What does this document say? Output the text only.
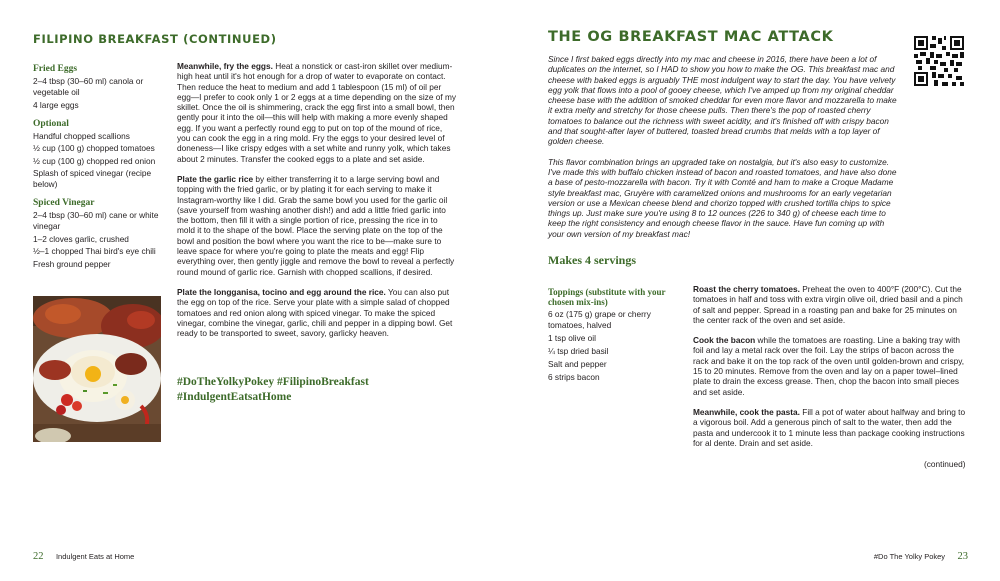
FILIPINO BREAKFAST (CONTINUED)

Fried Eggs

2–4 tbsp (30–60 ml) canola or vegetable oil

4 large eggs

Optional

Handful chopped scallions

½ cup (100 g) chopped tomatoes

½ cup (100 g) chopped red onion

Splash of spiced vinegar (recipe below)

Spiced Vinegar

2–4 tbsp (30–60 ml) cane or white vinegar

1–2 cloves garlic, crushed

½–1 chopped Thai bird's eye chili

Fresh ground pepper

Meanwhile, fry the eggs. Heat a nonstick or cast-iron skillet over medium-high heat until it's hot enough for a drop of water to evaporate on contact. Then reduce the heat to medium and add 1 tablespoon (15 ml) of oil per egg—I prefer to cook only 1 or 2 eggs at a time depending on the size of my skillet. Once the oil is shimmering, crack the egg first into a small bowl, then gently pour it into the oil—this will help with making a more evenly shaped egg. If you want a perfectly round egg to put on top of the mound of rice, you can cook the egg in a ring mold. Fry the eggs to your desired level of doneness—I like crispy edges with a set white and runny yolk, which takes about 2 minutes. Transfer the cooked eggs to a plate and set aside.

Plate the garlic rice by either transferring it to a large serving bowl and topping with the fried garlic, or by plating it for each serving to make it Instagram-worthy like I did. Grab the same bowl you used for the garlic oil (save yourself from washing another dish!) and add a little fried garlic into the bottom, then fill it with a single portion of rice, pressing the rice in to mold it to the shape of the bowl. Place the serving plate on the top of the bowl and position the bowl where you want the rice to be—make sure to leave space for where you're going to plate the meats and egg! Flip everything over, then gently jiggle and remove the bowl to reveal a perfectly round mound of garlic rice. Garnish with chopped scallions, if desired.

Plate the longganisa, tocino and egg around the rice. You can also put the egg on top of the rice. Serve your plate with a simple salad of chopped tomatoes and red onion along with spiced vinegar. To make the spiced vinegar, combine the vinegar, garlic, chili and pepper in a dipping bowl. Get ready to be transported to sweet, savory, garlicky heaven.

#DoTheYolkyPokey #FilipinoBreakfast
#IndulgentEatsatHome
22 Indulgent Eats at Home
THE OG BREAKFAST MAC ATTACK

Since I first baked eggs directly into my mac and cheese in 2016, there have been a lot of duplicates on the internet, so I HAD to show you how to make the OG. This breakfast mac and cheese with baked eggs is arguably THE most indulgent way to start the day. You have velvety egg yolk that flows into a pool of gooey cheese, which I've amped up from my original cheddar cheese base with the addition of smoked cheddar for even more flavor and mozzarella to make it extra melty and stretchy for those cheese pulls. Then there's the pop of roasted cherry tomatoes to balance out the richness with sweet acidity, and it's finished off with crispy bacon and that sought-after layer of buttered, toasted bread crumbs that melds with a top layer of golden cheese.

This flavor combination brings an upgraded take on nostalgia, but it's also easy to customize. I've made this with buffalo chicken instead of bacon and roasted tomatoes, and have also done a base of pesto-mozzarella with bacon. Try it with Comté and ham to make a Croque Madame style breakfast mac, Gruyère with caramelized onions and mushrooms for an early vegetarian version or use a Mexican cheese blend and chorizo topped with crushed tortilla chips to spice things up. Just make sure you're using 8 to 12 ounces (226 to 340 g) of cheese each time to keep the right consistency and enough cheese flavor in the sauce. Have fun coming up with your own version of my breakfast mac!

Makes 4 servings

Toppings (substitute with your chosen mix-ins)

6 oz (175 g) grape or cherry tomatoes, halved

1 tsp olive oil

¼ tsp dried basil

Salt and pepper

6 strips bacon

Roast the cherry tomatoes. Preheat the oven to 400°F (200°C). Cut the tomatoes in half and toss with extra virgin olive oil, dried basil and a pinch of salt and pepper. Spread in a roasting pan and bake for 25 minutes on the center rack of the oven and set aside.

Cook the bacon while the tomatoes are roasting. Line a baking tray with foil and lay a metal rack over the foil. Lay the strips of bacon across the rack and bake it on the top rack of the oven until golden-brown and crispy, 15 to 20 minutes. Remove from the oven and lay on a paper towel–lined plate to drain the excess grease. Then, chop the bacon into small pieces and set aside.

Meanwhile, cook the pasta. Fill a pot of water about halfway and bring to a vigorous boil. Add a generous pinch of salt to the water, then add the pasta and undercook it to 1 minute less than package cooking instructions for al dente. Drain and set aside.

(continued)
#Do The Yolky Pokey 23
